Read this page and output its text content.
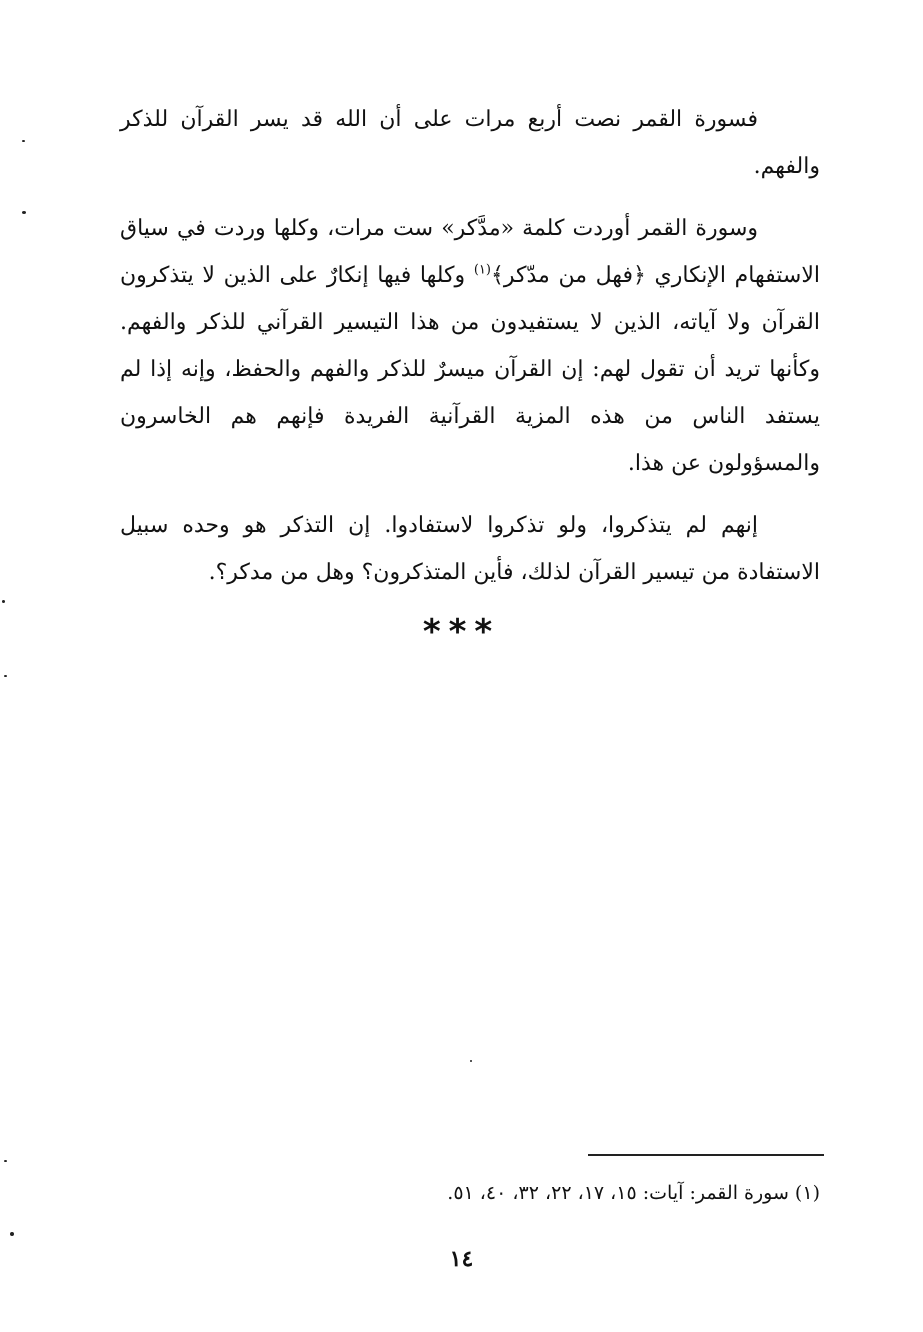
فسورة القمر نصت أربع مرات على أن الله قد يسر القرآن للذكر والفهم.

وسورة القمر أوردت كلمة «مدَّكر» ست مرات، وكلها وردت في سياق الاستفهام الإنكاري ﴿فهل من مدّكر﴾$^{(١)}$ وكلها فيها إنكارٌ على الذين لا يتذكرون القرآن ولا آياته، الذين لا يستفيدون من هذا التيسير القرآني للذكر والفهم. وكأنها تريد أن تقول لهم: إن القرآن ميسرٌ للذكر والفهم والحفظ، وإنه إذا لم يستفد الناس من هذه المزية القرآنية الفريدة فإنهم هم الخاسرون والمسؤولون عن هذا.

إنهم لم يتذكروا، ولو تذكروا لاستفادوا. إن التذكر هو وحده سبيل الاستفادة من تيسير القرآن لذلك، فأين المتذكرون؟ وهل من مدكر؟.

***
(١) سورة القمر: آيات: ١٥، ١٧، ٢٢، ٣٢، ٤٠، ٥١.
١٤
